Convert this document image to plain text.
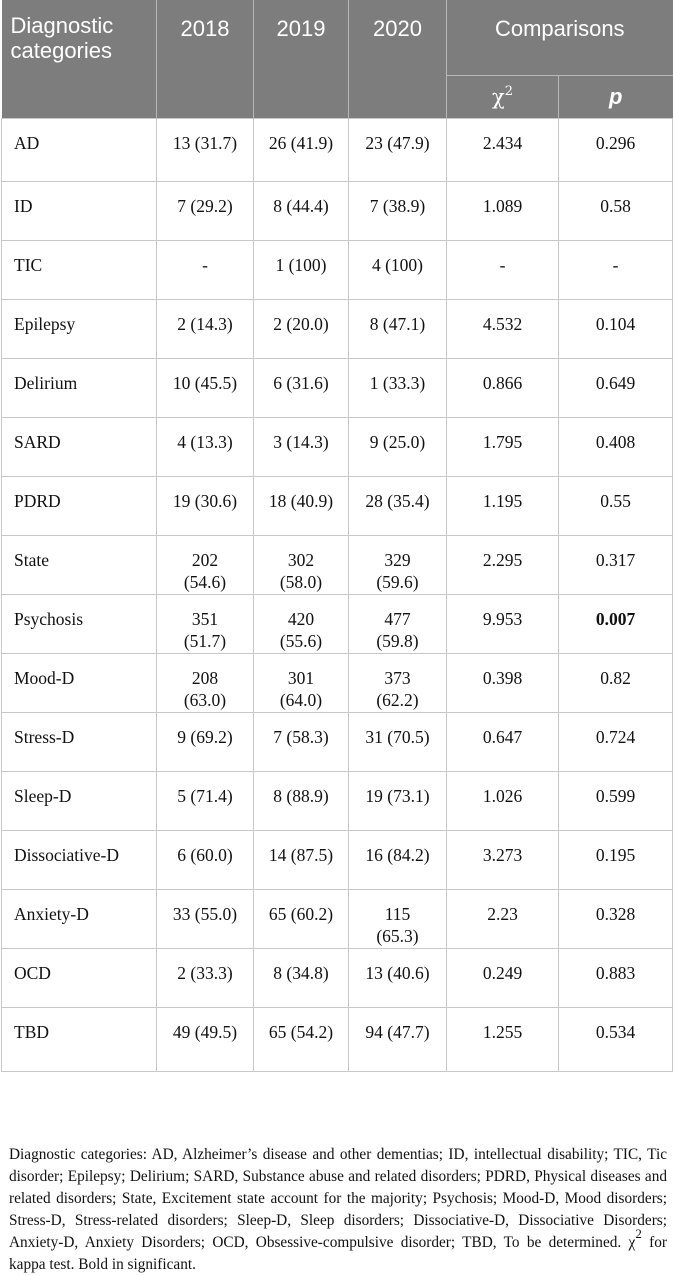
Diagnostic
categories	2018	2019	2020	Comparisons	
				$\chi^2$	p
AD	13 (31.7)	26 (41.9)	23 (47.9)	2.434	0.296
ID	7 (29.2)	8 (44.4)	7 (38.9)	1.089	0.58
TIC	-	1 (100)	4 (100)	-	-
Epilepsy	2 (14.3)	2 (20.0)	8 (47.1)	4.532	0.104
Delirium	10 (45.5)	6 (31.6)	1 (33.3)	0.866	0.649
SARD	4 (13.3)	3 (14.3)	9 (25.0)	1.795	0.408
PDRD	19 (30.6)	18 (40.9)	28 (35.4)	1.195	0.55
State	202 (54.6)	302 (58.0)	329 (59.6)	2.295	0.317
Psychosis	351 (51.7)	420 (55.6)	477 (59.8)	9.953	0.007
Mood-D	208 (63.0)	301 (64.0)	373 (62.2)	0.398	0.82
Stress-D	9 (69.2)	7 (58.3)	31 (70.5)	0.647	0.724
Sleep-D	5 (71.4)	8 (88.9)	19 (73.1)	1.026	0.599
Dissociative-D	6 (60.0)	14 (87.5)	16 (84.2)	3.273	0.195
Anxiety-D	33 (55.0)	65 (60.2)	115 (65.3)	2.23	0.328
OCD	2 (33.3)	8 (34.8)	13 (40.6)	0.249	0.883
TBD	49 (49.5)	65 (54.2)	94 (47.7)	1.255	0.534
Diagnostic categories: AD, Alzheimer’s disease and other dementias; ID, intellectual disability; TIC, Tic disorder; Epilepsy; Delirium; SARD, Substance abuse and related disorders; PDRD, Physical diseases and related disorders; State, Excitement state account for the majority; Psychosis; Mood-D, Mood disorders; Stress-D, Stress-related disorders; Sleep-D, Sleep disorders; Dissociative-D, Dissociative Disorders; Anxiety-D, Anxiety Disorders; OCD, Obsessive-compulsive disorder; TBD, To be determined. $\chi^2$ for kappa test. Bold in significant.
